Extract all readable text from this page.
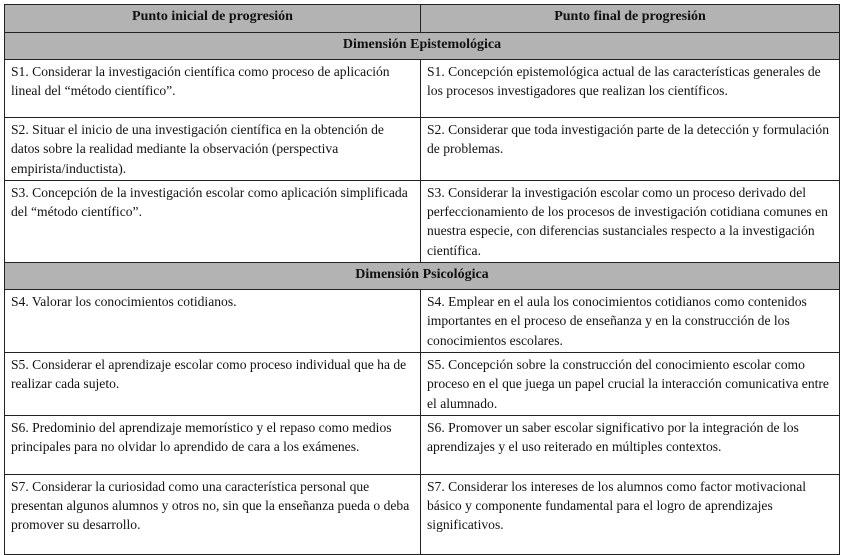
Punto inicial de progresión	Punto final de progresión
Dimensión Epistemológica	
S1. Considerar la investigación científica como proceso de aplicación lineal del “método científico”.	S1. Concepción epistemológica actual de las características generales de los procesos investigadores que realizan los científicos.
S2. Situar el inicio de una investigación científica en la obtención de datos sobre la realidad mediante la observación (perspectiva empirista/inductista).	S2. Considerar que toda investigación parte de la detección y formulación de problemas.
S3. Concepción de la investigación escolar como aplicación simplificada del “método científico”.	S3. Considerar la investigación escolar como un proceso derivado del perfeccionamiento de los procesos de investigación cotidiana comunes en nuestra especie, con diferencias sustanciales respecto a la investigación científica.
Dimensión Psicológica	
S4. Valorar los conocimientos cotidianos.	S4. Emplear en el aula los conocimientos cotidianos como contenidos importantes en el proceso de enseñanza y en la construcción de los conocimientos escolares.
S5. Considerar el aprendizaje escolar como proceso individual que ha de realizar cada sujeto.	S5. Concepción sobre la construcción del conocimiento escolar como proceso en el que juega un papel crucial la interacción comunicativa entre el alumnado.
S6. Predominio del aprendizaje memorístico y el repaso como medios principales para no olvidar lo aprendido de cara a los exámenes.	S6. Promover un saber escolar significativo por la integración de los aprendizajes y el uso reiterado en múltiples contextos.
S7. Considerar la curiosidad como una característica personal que presentan algunos alumnos y otros no, sin que la enseñanza pueda o deba promover su desarrollo.	S7. Considerar los intereses de los alumnos como factor motivacional básico y componente fundamental para el logro de aprendizajes significativos.
